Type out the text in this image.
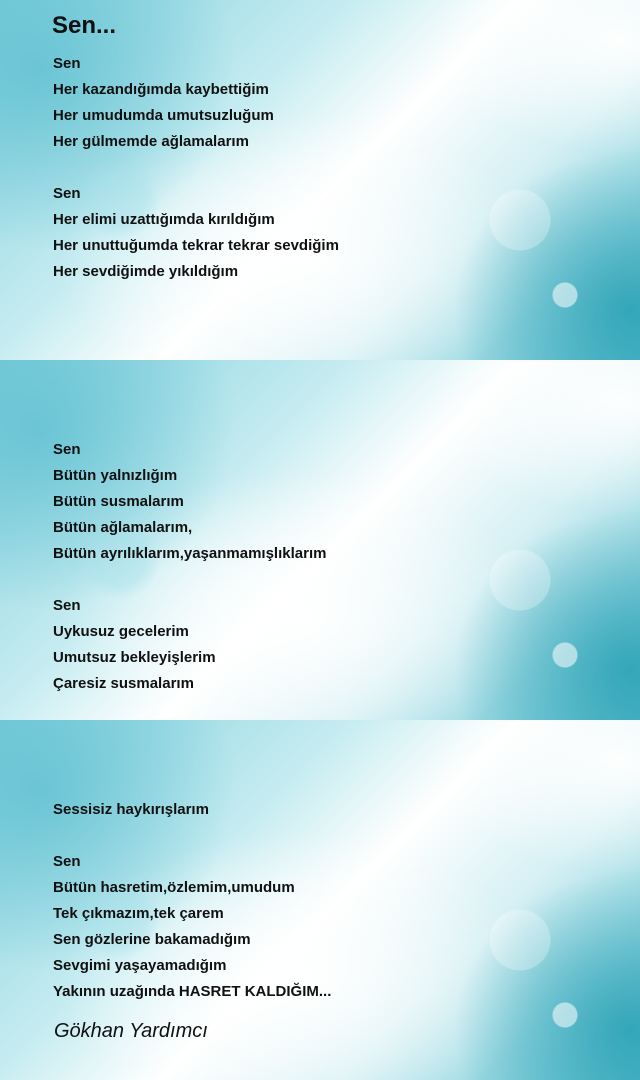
Sen...
Sen
Her kazandığımda kaybettiğim
Her umudumda umutsuzluğum
Her gülmemde ağlamalarım
Sen
Her elimi uzattığımda kırıldığım
Her unuttuğumda tekrar tekrar sevdiğim
Her sevdiğimde yıkıldığım
Sen
Bütün yalnızlığım
Bütün susmalarım
Bütün ağlamalarım,
Bütün ayrılıklarım,yaşanmamışlıklarım
Sen
Uykusuz gecelerim
Umutsuz bekleyişlerim
Çaresiz susmalarım
Sessisiz haykırışlarım
Sen
Bütün hasretim,özlemim,umudum
Tek çıkmazım,tek çarem
Sen gözlerine bakamadığım
Sevgimi yaşayamadığım
Yakının uzağında HASRET KALDIĞIM...

Gökhan Yardımcı
